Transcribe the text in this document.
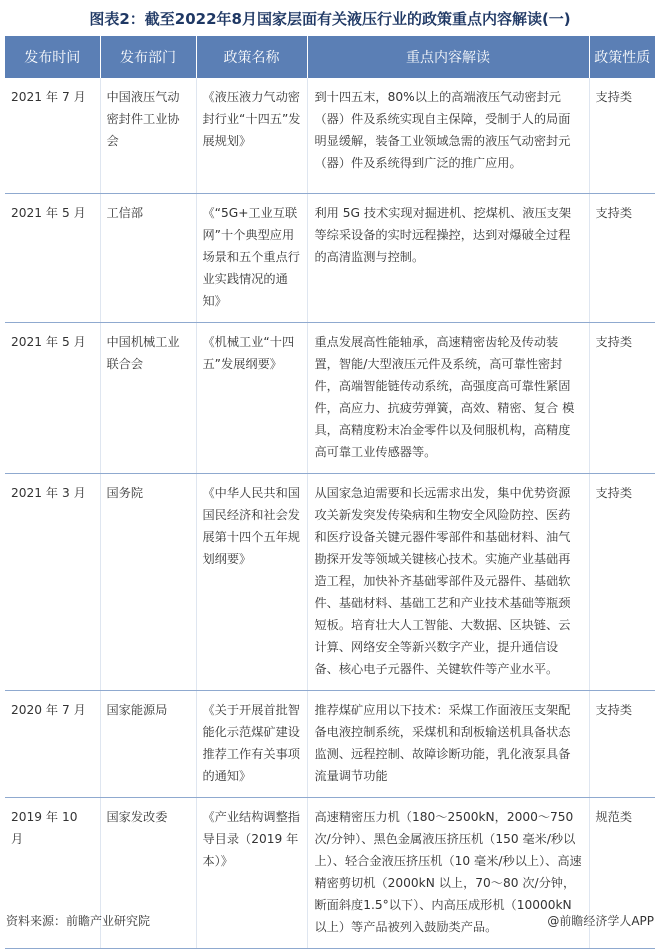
图表2：截至2022年8月国家层面有关液压行业的政策重点内容解读(一)
发布时间	发布部门	政策名称	重点内容解读	政策性质
2021 年 7 月	中国液压气动密封件工业协会	《液压液力气动密封行业“十四五”发展规划》	到十四五末，80%以上的高端液压气动密封元（器）件及系统实现自主保障，受制于人的局面明显缓解，装备工业领域急需的液压气动密封元（器）件及系统得到广泛的推广应用。	支持类
2021 年 5 月	工信部	《“5G+工业互联网”十个典型应用场景和五个重点行业实践情况的通知》	利用 5G 技术实现对掘进机、挖煤机、液压支架等综采设备的实时远程操控，达到对爆破全过程的高清监测与控制。	支持类
2021 年 5 月	中国机械工业联合会	《机械工业“十四五”发展纲要》	重点发展高性能轴承，高速精密齿轮及传动装置，智能/大型液压元件及系统，高可靠性密封件，高端智能链传动系统，高强度高可靠性紧固件，高应力、抗疲劳弹簧，高效、精密、复合 模具，高精度粉末冶金零件以及伺服机构，高精度高可靠工业传感器等。	支持类
2021 年 3 月	国务院	《中华人民共和国国民经济和社会发展第十四个五年规划纲要》	从国家急迫需要和长远需求出发，集中优势资源攻关新发突发传染病和生物安全风险防控、医药和医疗设备关键元器件零部件和基础材料、油气勘探开发等领域关键核心技术。实施产业基础再造工程，加快补齐基础零部件及元器件、基础软件、基础材料、基础工艺和产业技术基础等瓶颈短板。培育壮大人工智能、大数据、区块链、云计算、网络安全等新兴数字产业，提升通信设备、核心电子元器件、关键软件等产业水平。	支持类
2020 年 7 月	国家能源局	《关于开展首批智能化示范煤矿建设推荐工作有关事项的通知》	推荐煤矿应用以下技术：采煤工作面液压支架配备电液控制系统，采煤机和刮板输送机具备状态监测、远程控制、故障诊断功能，乳化液泵具备流量调节功能	支持类
2019 年 10 月	国家发改委	《产业结构调整指导目录（2019 年本）》	高速精密压力机（180～2500kN，2000～750 次/分钟）、黑色金属液压挤压机（150 毫米/秒以上）、轻合金液压挤压机（10 毫米/秒以上）、高速精密剪切机（2000kN 以上，70～80 次/分钟，断面斜度1.5°以下）、内高压成形机（10000kN 以上）等产品被列入鼓励类产品。	规范类
资料来源：前瞻产业研究院	@前瞻经济学人APP
